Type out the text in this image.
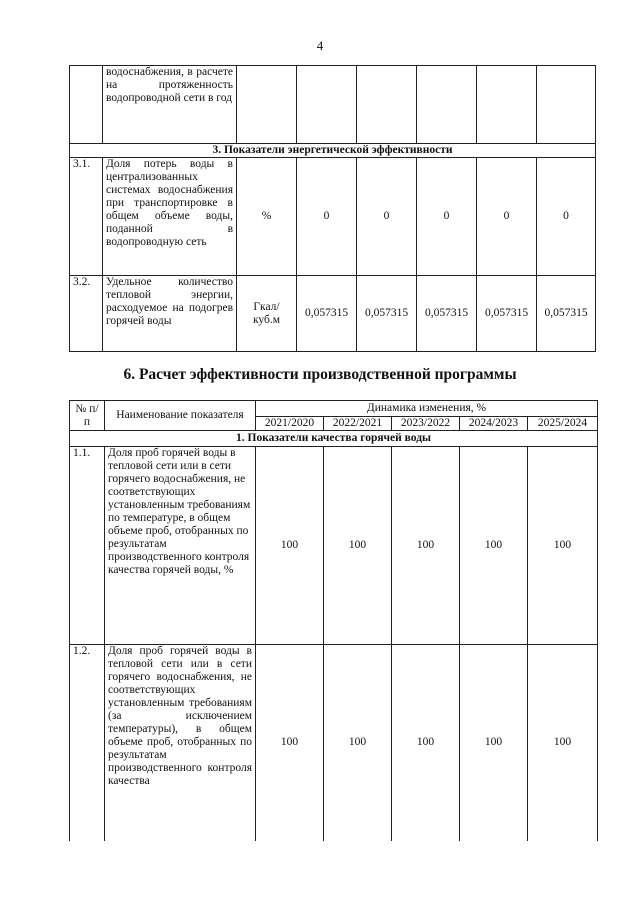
4
	водоснабжения, в расчете на протяженность водопроводной сети в год						
3. Показатели энергетической эффективности							
3.1.	Доля потерь воды в централизованных системах водоснабжения при транспортировке в общем объеме воды, поданной в водопроводную сеть	%	0	0	0	0	0
3.2.	Удельное количество тепловой энергии, расходуемое на подогрев горячей воды	Гкал/ куб.м	0,057315	0,057315	0,057315	0,057315	0,057315
6. Расчет эффективности производственной программы
№ п/п	Наименование показателя	Динамика изменения, %				
		2021/2020	2022/2021	2023/2022	2024/2023	2025/2024
1. Показатели качества горячей воды						
1.1.	Доля проб горячей воды в тепловой сети или в сети горячего водоснабжения, не соответствующих установленным требованиям по температуре, в общем объеме проб, отобранных по результатам производственного контроля качества горячей воды, %	100	100	100	100	100
1.2.	Доля проб горячей воды в тепловой сети или в сети горячего водоснабжения, не соответствующих установленным требованиям (за исключением температуры), в общем объеме проб, отобранных по результатам производственного контроля качества	100	100	100	100	100
